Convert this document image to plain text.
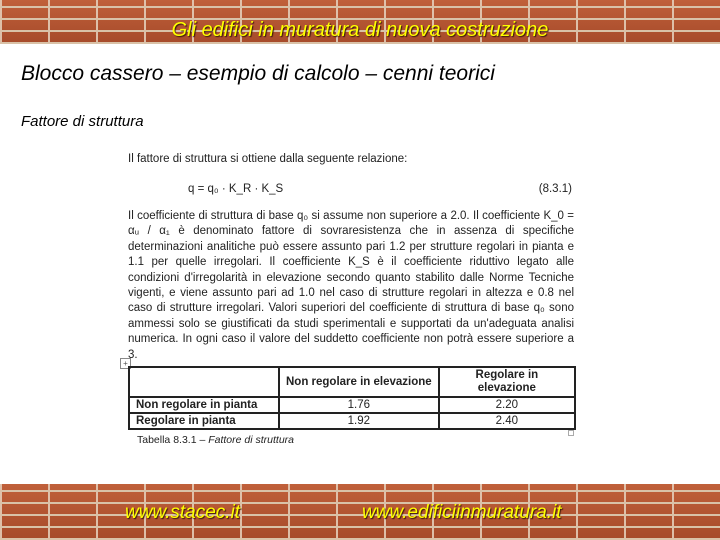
Gli edifici in muratura di nuova costruzione
Blocco cassero – esempio di calcolo – cenni teorici
Fattore di struttura
Il fattore di struttura si ottiene dalla seguente relazione:
q = q₀ · K_R · K_S	(8.3.1)
Il coefficiente di struttura di base q₀ si assume non superiore a 2.0. Il coefficiente K_0 = αᵤ / α₁ è denominato fattore di sovraresistenza che in assenza di specifiche determinazioni analitiche può essere assunto pari 1.2 per strutture regolari in pianta e 1.1 per quelle irregolari. Il coefficiente K_S è il coefficiente riduttivo legato alle condizioni d'irregolarità in elevazione secondo quanto stabilito dalle Norme Tecniche vigenti, e viene assunto pari ad 1.0 nel caso di strutture regolari in altezza e 0.8 nel caso di strutture irregolari. Valori superiori del coefficiente di struttura di base q₀ sono ammessi solo se giustificati da studi sperimentali e supportati da un'adeguata analisi numerica. In ogni caso il valore del suddetto coefficiente non potrà essere superiore a 3.
+
	Non regolare in elevazione	Regolare in elevazione
Non regolare in pianta	1.76	2.20
Regolare in pianta	1.92	2.40
Tabella 8.3.1 – Fattore di struttura
www.stacec.it	www.edificiinmuratura.it
